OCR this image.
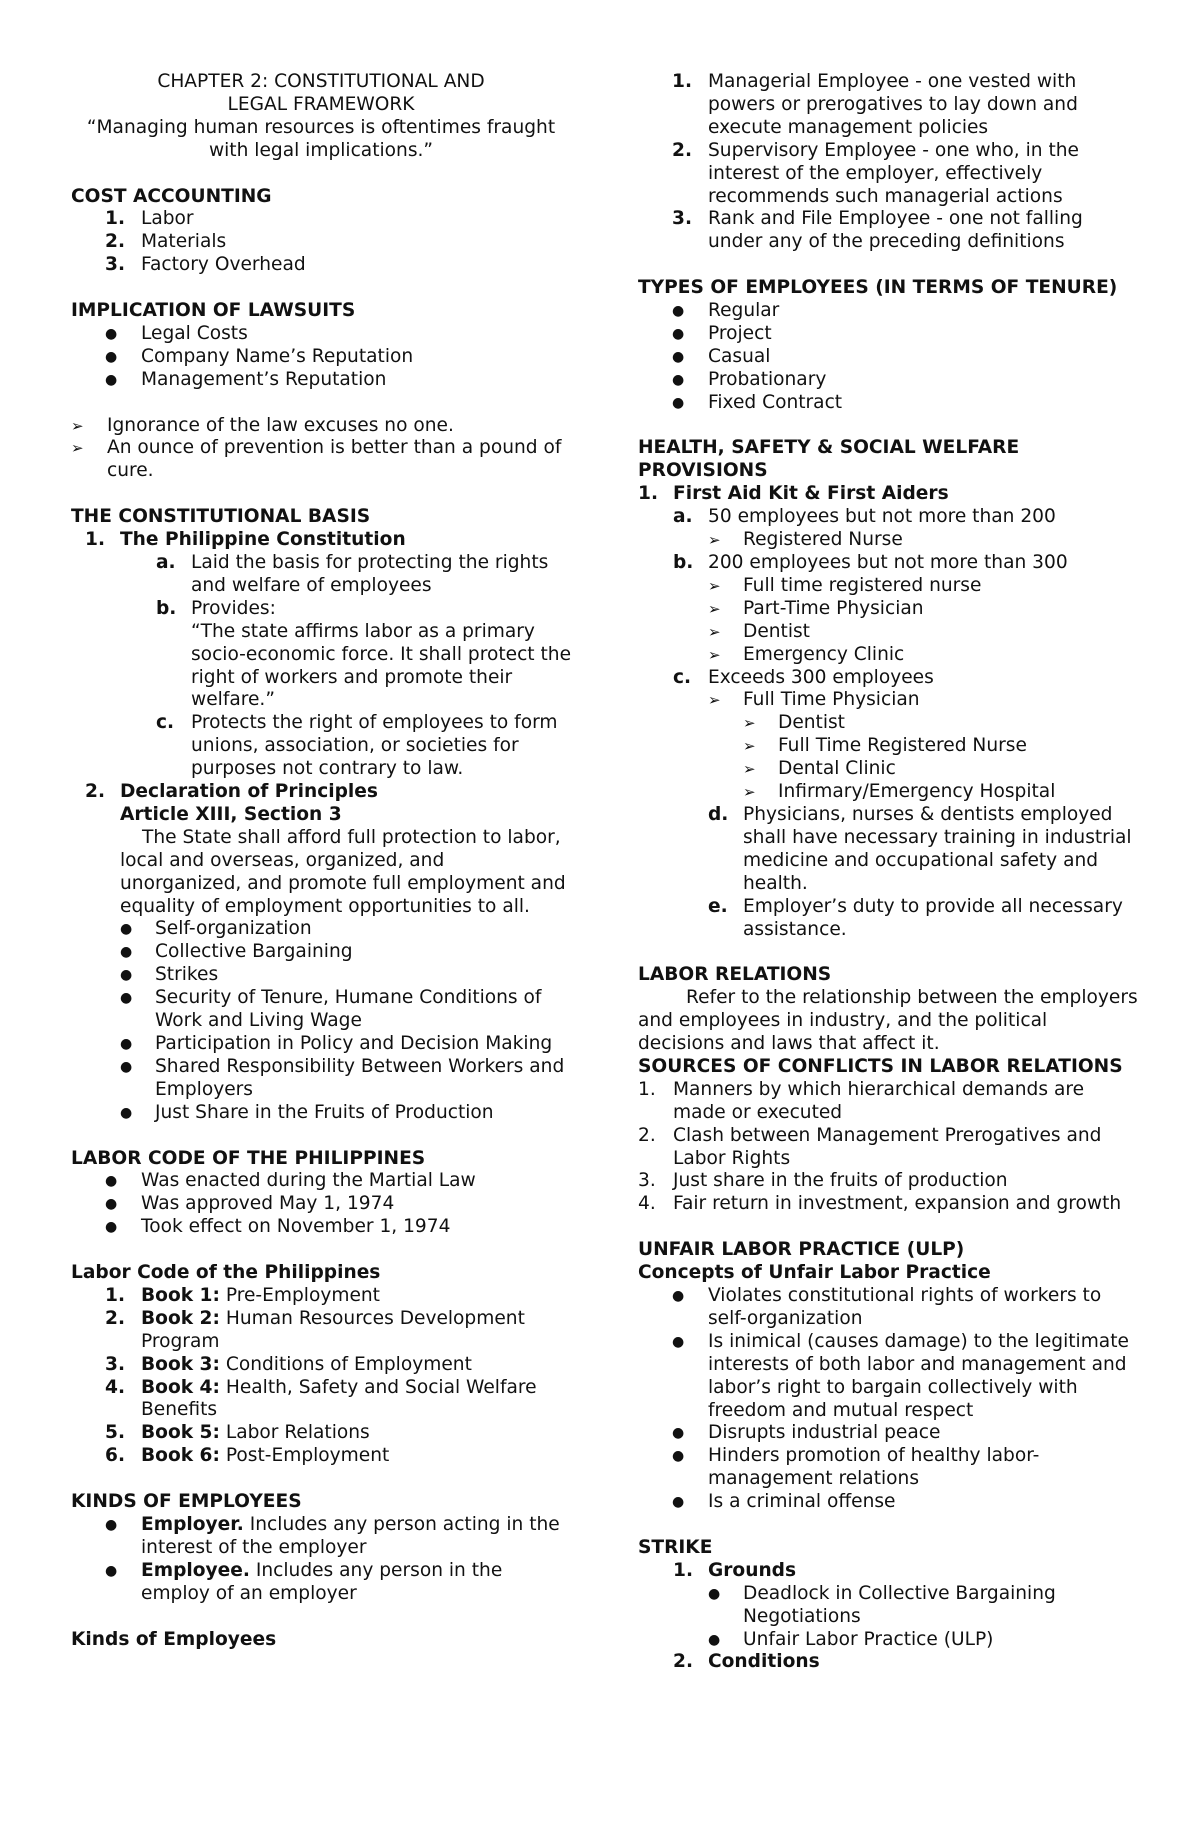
CHAPTER 2: CONSTITUTIONAL AND

LEGAL FRAMEWORK

“Managing human resources is oftentimes fraught with legal implications.”

COST ACCOUNTING

1. Labor
2. Materials
3. Factory Overhead

IMPLICATION OF LAWSUITS

● Legal Costs
● Company Name’s Reputation
● Management’s Reputation
➢ Ignorance of the law excuses no one.
➢ An ounce of prevention is better than a pound of cure.

THE CONSTITUTIONAL BASIS

1. The Philippine Constitution
a. Laid the basis for protecting the rights and welfare of employees
b. Provides:

“The state affirms labor as a primary socio-economic force. It shall protect the right of workers and promote their welfare.”

c. Protects the right of employees to form unions, association, or societies for purposes not contrary to law.
2. Declaration of Principles

Article XIII, Section 3

The State shall afford full protection to labor, local and overseas, organized, and unorganized, and promote full employment and equality of employment opportunities to all.

● Self-organization
● Collective Bargaining
● Strikes
● Security of Tenure, Humane Conditions of Work and Living Wage
● Participation in Policy and Decision Making
● Shared Responsibility Between Workers and Employers
● Just Share in the Fruits of Production

LABOR CODE OF THE PHILIPPINES

● Was enacted during the Martial Law
● Was approved May 1, 1974
● Took effect on November 1, 1974

Labor Code of the Philippines

1. Book 1: Pre-Employment
2. Book 2: Human Resources Development Program
3. Book 3: Conditions of Employment
4. Book 4: Health, Safety and Social Welfare Benefits
5. Book 5: Labor Relations
6. Book 6: Post-Employment

KINDS OF EMPLOYEES

● Employer. Includes any person acting in the interest of the employer
● Employee. Includes any person in the employ of an employer

Kinds of Employees

1. Managerial Employee - one vested with powers or prerogatives to lay down and execute management policies
2. Supervisory Employee - one who, in the interest of the employer, effectively recommends such managerial actions
3. Rank and File Employee - one not falling under any of the preceding definitions

TYPES OF EMPLOYEES (IN TERMS OF TENURE)

● Regular
● Project
● Casual
● Probationary
● Fixed Contract

HEALTH, SAFETY & SOCIAL WELFARE PROVISIONS

1. First Aid Kit & First Aiders
a. 50 employees but not more than 200
➢ Registered Nurse
b. 200 employees but not more than 300
➢ Full time registered nurse
➢ Part-Time Physician
➢ Dentist
➢ Emergency Clinic
c. Exceeds 300 employees
➢ Full Time Physician
➢ Dentist
➢ Full Time Registered Nurse
➢ Dental Clinic
➢ Infirmary/Emergency Hospital
d. Physicians, nurses & dentists employed shall have necessary training in industrial medicine and occupational safety and health.
e. Employer’s duty to provide all necessary assistance.

LABOR RELATIONS

Refer to the relationship between the employers and employees in industry, and the political decisions and laws that affect it.

SOURCES OF CONFLICTS IN LABOR RELATIONS

1. Manners by which hierarchical demands are made or executed
2. Clash between Management Prerogatives and Labor Rights
3. Just share in the fruits of production
4. Fair return in investment, expansion and growth

UNFAIR LABOR PRACTICE (ULP)

Concepts of Unfair Labor Practice

● Violates constitutional rights of workers to self-organization
● Is inimical (causes damage) to the legitimate interests of both labor and management and labor’s right to bargain collectively with freedom and mutual respect
● Disrupts industrial peace
● Hinders promotion of healthy labor-management relations
● Is a criminal offense

STRIKE

1. Grounds
● Deadlock in Collective Bargaining Negotiations
● Unfair Labor Practice (ULP)
2. Conditions
